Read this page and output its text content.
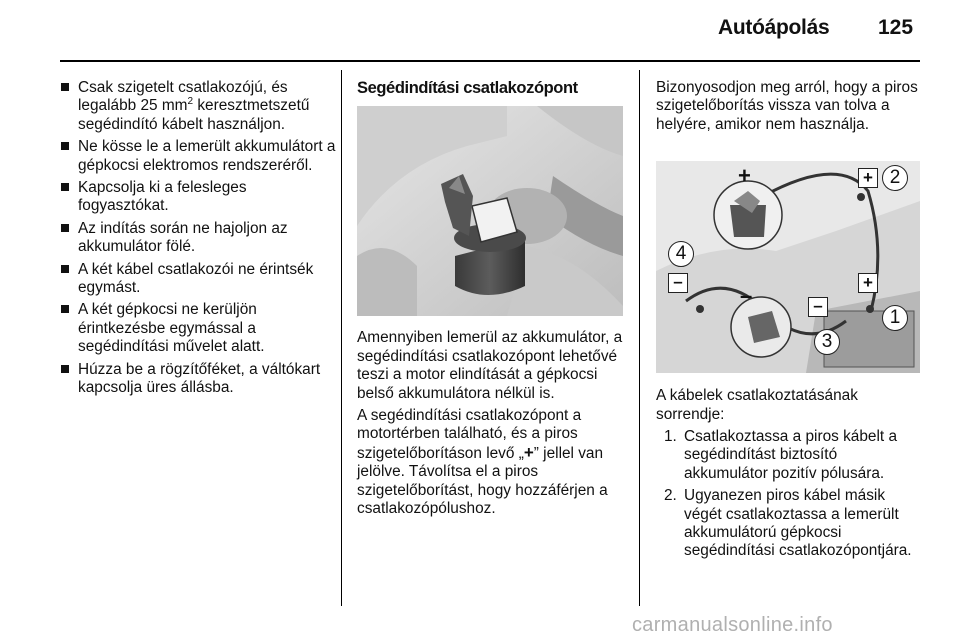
Autóápolás 125
Csak szigetelt csatlakozójú, és legalább 25 $mm^2$ keresztmetszetű segédindító kábelt használjon.
Ne kösse le a lemerült akkumulátort a gépkocsi elektromos rendszeréről.
Kapcsolja ki a felesleges fogyasztókat.
Az indítás során ne hajoljon az akkumulátor fölé.
A két kábel csatlakozói ne érintsék egymást.
A két gépkocsi ne kerüljön érintkezésbe egymással a segédindítási művelet alatt.
Húzza be a rögzítőféket, a váltókart kapcsolja üres állásba.
Segédindítási csatlakozópont

Amennyiben lemerül az akkumulátor, a segédindítási csatlakozópont lehetővé teszi a motor elindítását a gépkocsi belső akkumulátora nélkül is.

A segédindítási csatlakozópont a motortérben található, és a piros szigetelőborításon levő „+” jellel van jelölve. Távolítsa el a piros szigetelőborítást, hogy hozzáférjen a csatlakozópólushoz.

Bizonyosodjon meg arról, hogy a piros szigetelőborítás vissza van tolva a helyére, amikor nem használja.

+
–
+ 2
4
–	+
–
1
3

A kábelek csatlakoztatásának sorrendje:

1. Csatlakoztassa a piros kábelt a segédindítást biztosító akkumulátor pozitív pólusára.
2. Ugyanezen piros kábel másik végét csatlakoztassa a lemerült akkumulátorú gépkocsi segédindítási csatlakozópontjára.
carmanualsonline.info
